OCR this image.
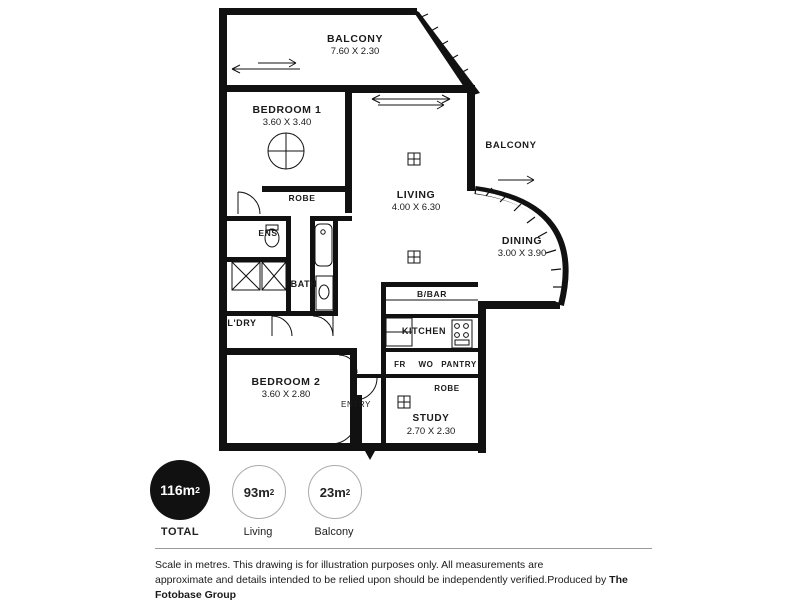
BALCONY
7.60 X 2.30
BEDROOM 1
3.60 X 3.40
ROBE
ENS
BATH
L'DRY
BEDROOM 2
3.60 X 2.80
ENTRY
LIVING
4.00 X 6.30
BALCONY
DINING
3.00 X 3.90
B/BAR
KITCHEN
FR	WO PANTRY
ROBE
STUDY
2.70 X 2.30
116m 2	93m 2	23m 2
TOTAL	Living	Balcony
Scale in metres. This drawing is for illustration purposes only. All measurements are
approximate and details intended to be relied upon should be independently verified.Produced by The Fotobase Group
